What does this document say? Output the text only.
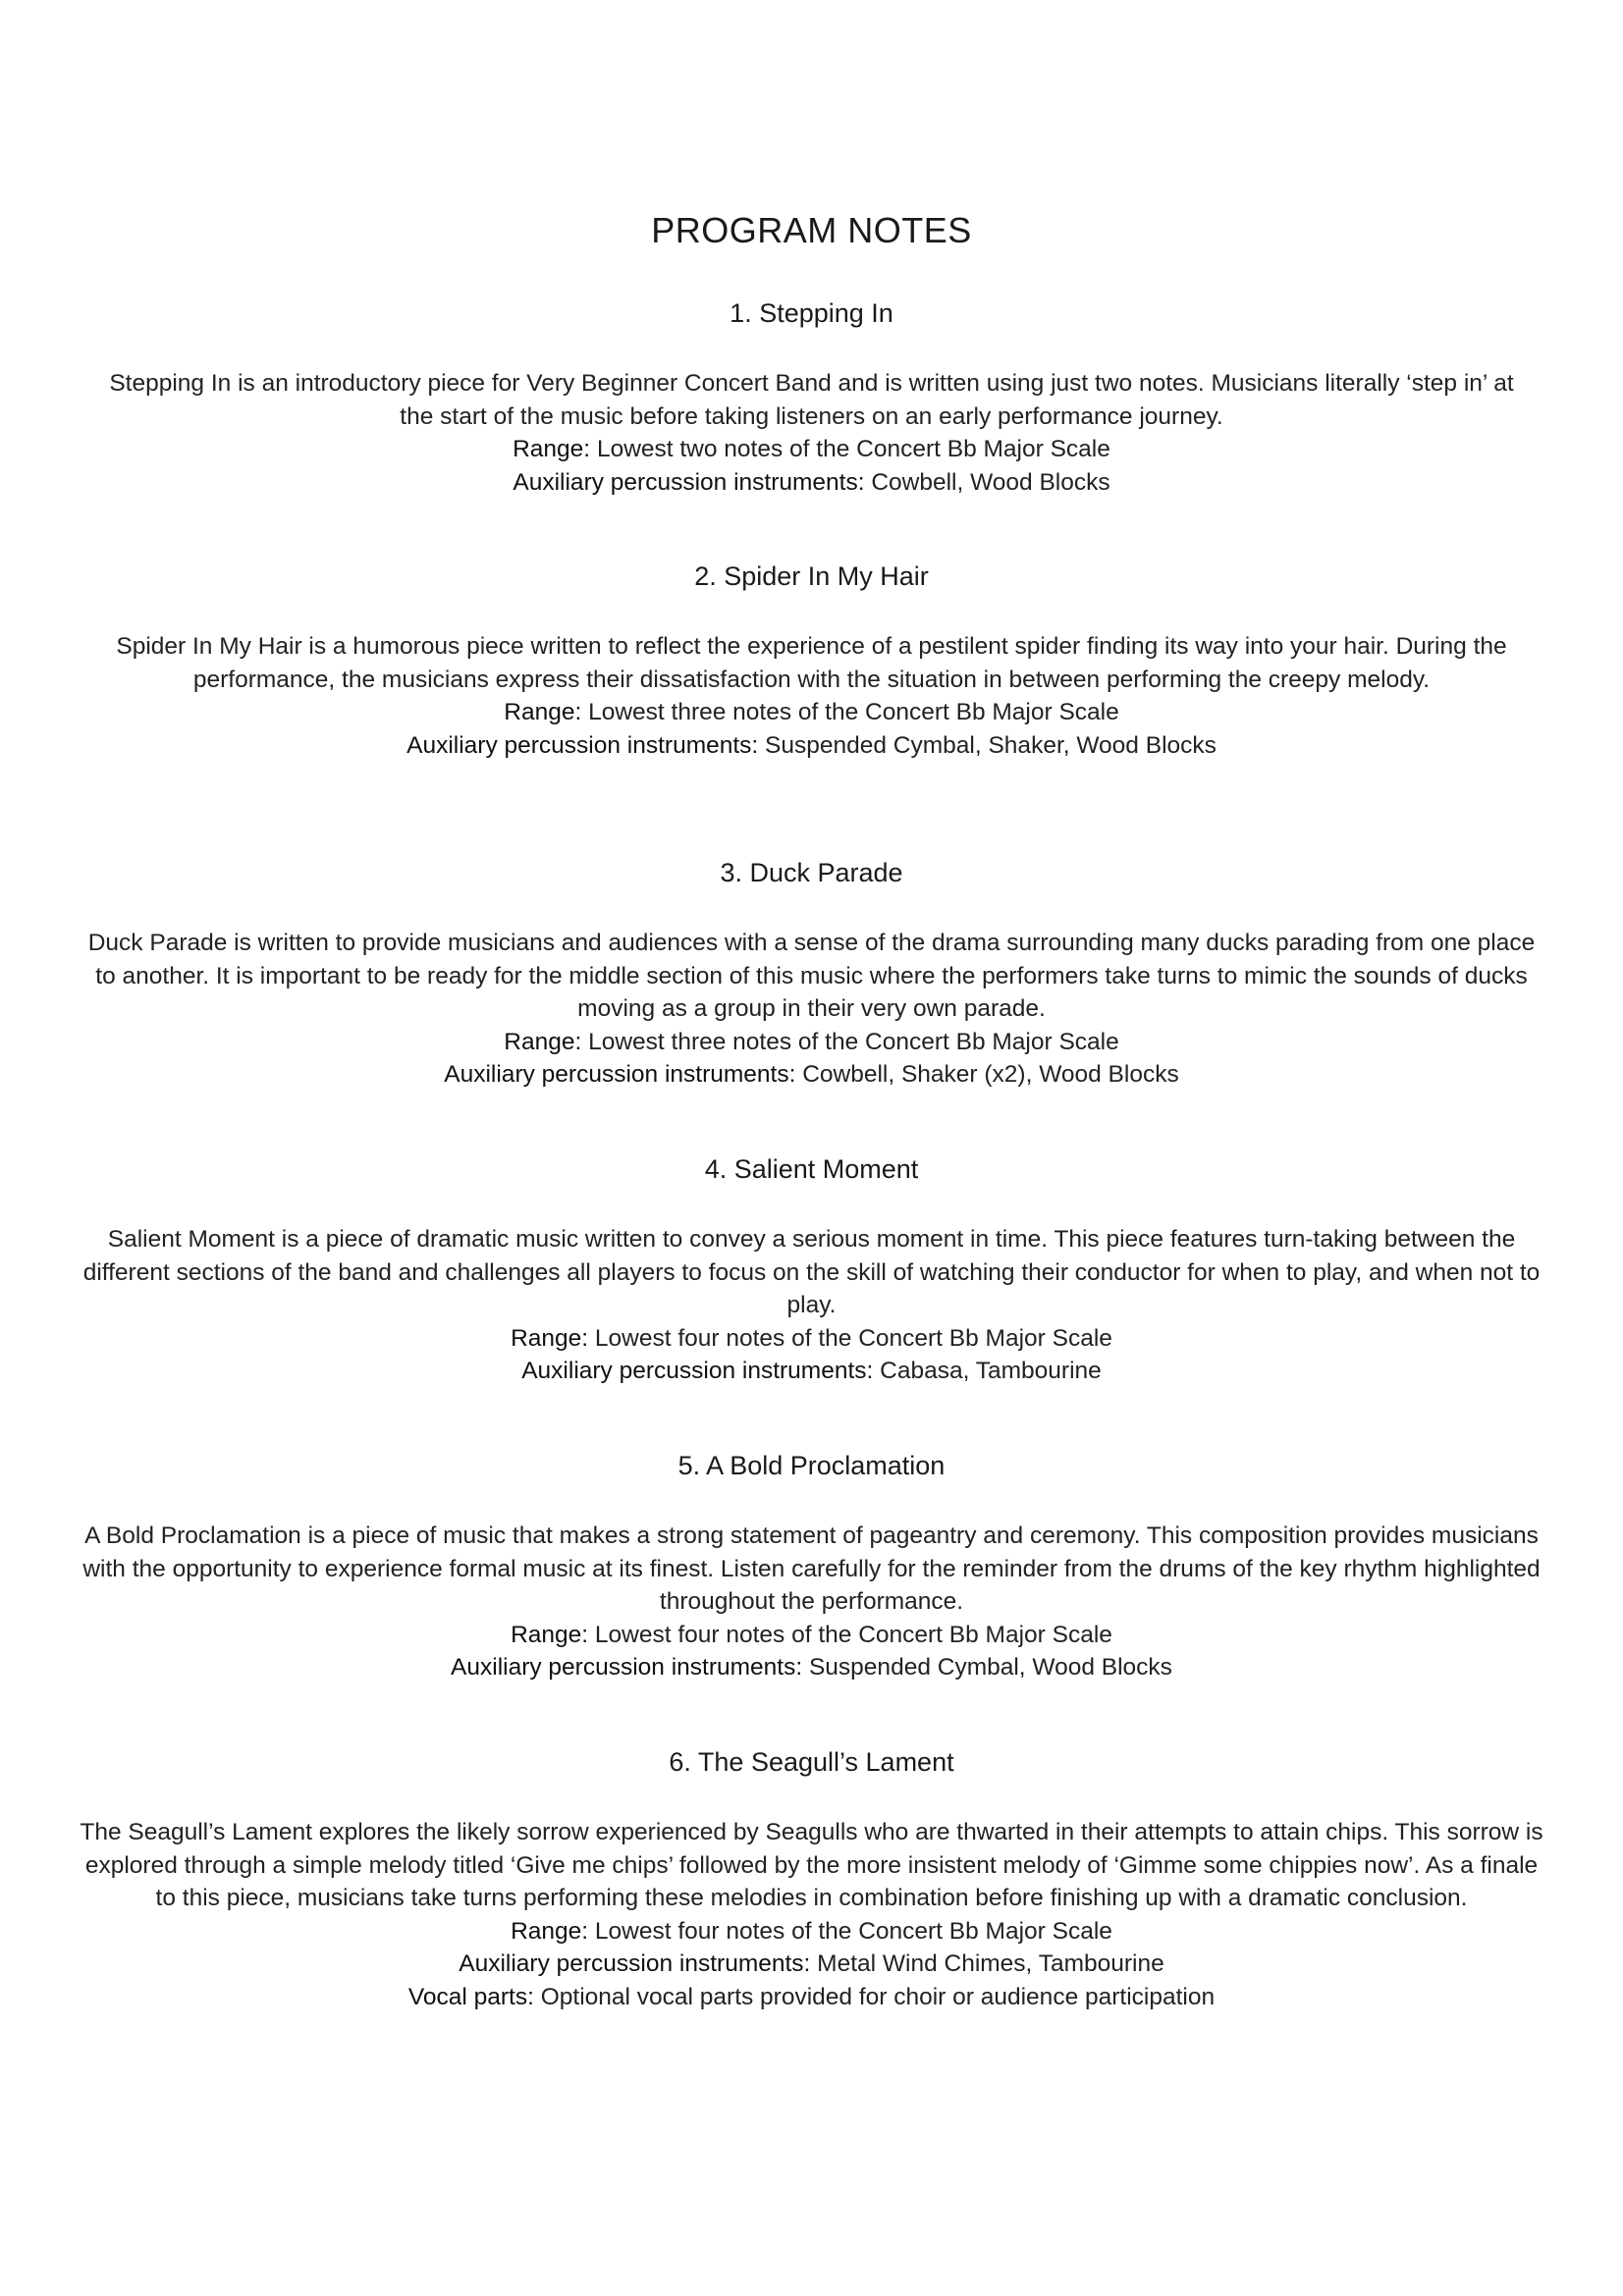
PROGRAM NOTES
1. Stepping In

Stepping In is an introductory piece for Very Beginner Concert Band and is written using just two notes. Musicians literally ‘step in’ at the start of the music before taking listeners on an early performance journey.

Range: Lowest two notes of the Concert Bb Major Scale

Auxiliary percussion instruments: Cowbell, Wood Blocks

2. Spider In My Hair

Spider In My Hair is a humorous piece written to reflect the experience of a pestilent spider finding its way into your hair. During the performance, the musicians express their dissatisfaction with the situation in between performing the creepy melody.

Range: Lowest three notes of the Concert Bb Major Scale

Auxiliary percussion instruments: Suspended Cymbal, Shaker, Wood Blocks

3. Duck Parade

Duck Parade is written to provide musicians and audiences with a sense of the drama surrounding many ducks parading from one place to another. It is important to be ready for the middle section of this music where the performers take turns to mimic the sounds of ducks moving as a group in their very own parade.

Range: Lowest three notes of the Concert Bb Major Scale

Auxiliary percussion instruments: Cowbell, Shaker (x2), Wood Blocks

4. Salient Moment

Salient Moment is a piece of dramatic music written to convey a serious moment in time. This piece features turn-taking between the different sections of the band and challenges all players to focus on the skill of watching their conductor for when to play, and when not to play.

Range: Lowest four notes of the Concert Bb Major Scale

Auxiliary percussion instruments: Cabasa, Tambourine

5. A Bold Proclamation

A Bold Proclamation is a piece of music that makes a strong statement of pageantry and ceremony. This composition provides musicians with the opportunity to experience formal music at its finest. Listen carefully for the reminder from the drums of the key rhythm highlighted throughout the performance.

Range: Lowest four notes of the Concert Bb Major Scale

Auxiliary percussion instruments: Suspended Cymbal, Wood Blocks

6. The Seagull’s Lament

The Seagull’s Lament explores the likely sorrow experienced by Seagulls who are thwarted in their attempts to attain chips. This sorrow is explored through a simple melody titled ‘Give me chips’ followed by the more insistent melody of ‘Gimme some chippies now’. As a finale to this piece, musicians take turns performing these melodies in combination before finishing up with a dramatic conclusion.

Range: Lowest four notes of the Concert Bb Major Scale

Auxiliary percussion instruments: Metal Wind Chimes, Tambourine

Vocal parts: Optional vocal parts provided for choir or audience participation
